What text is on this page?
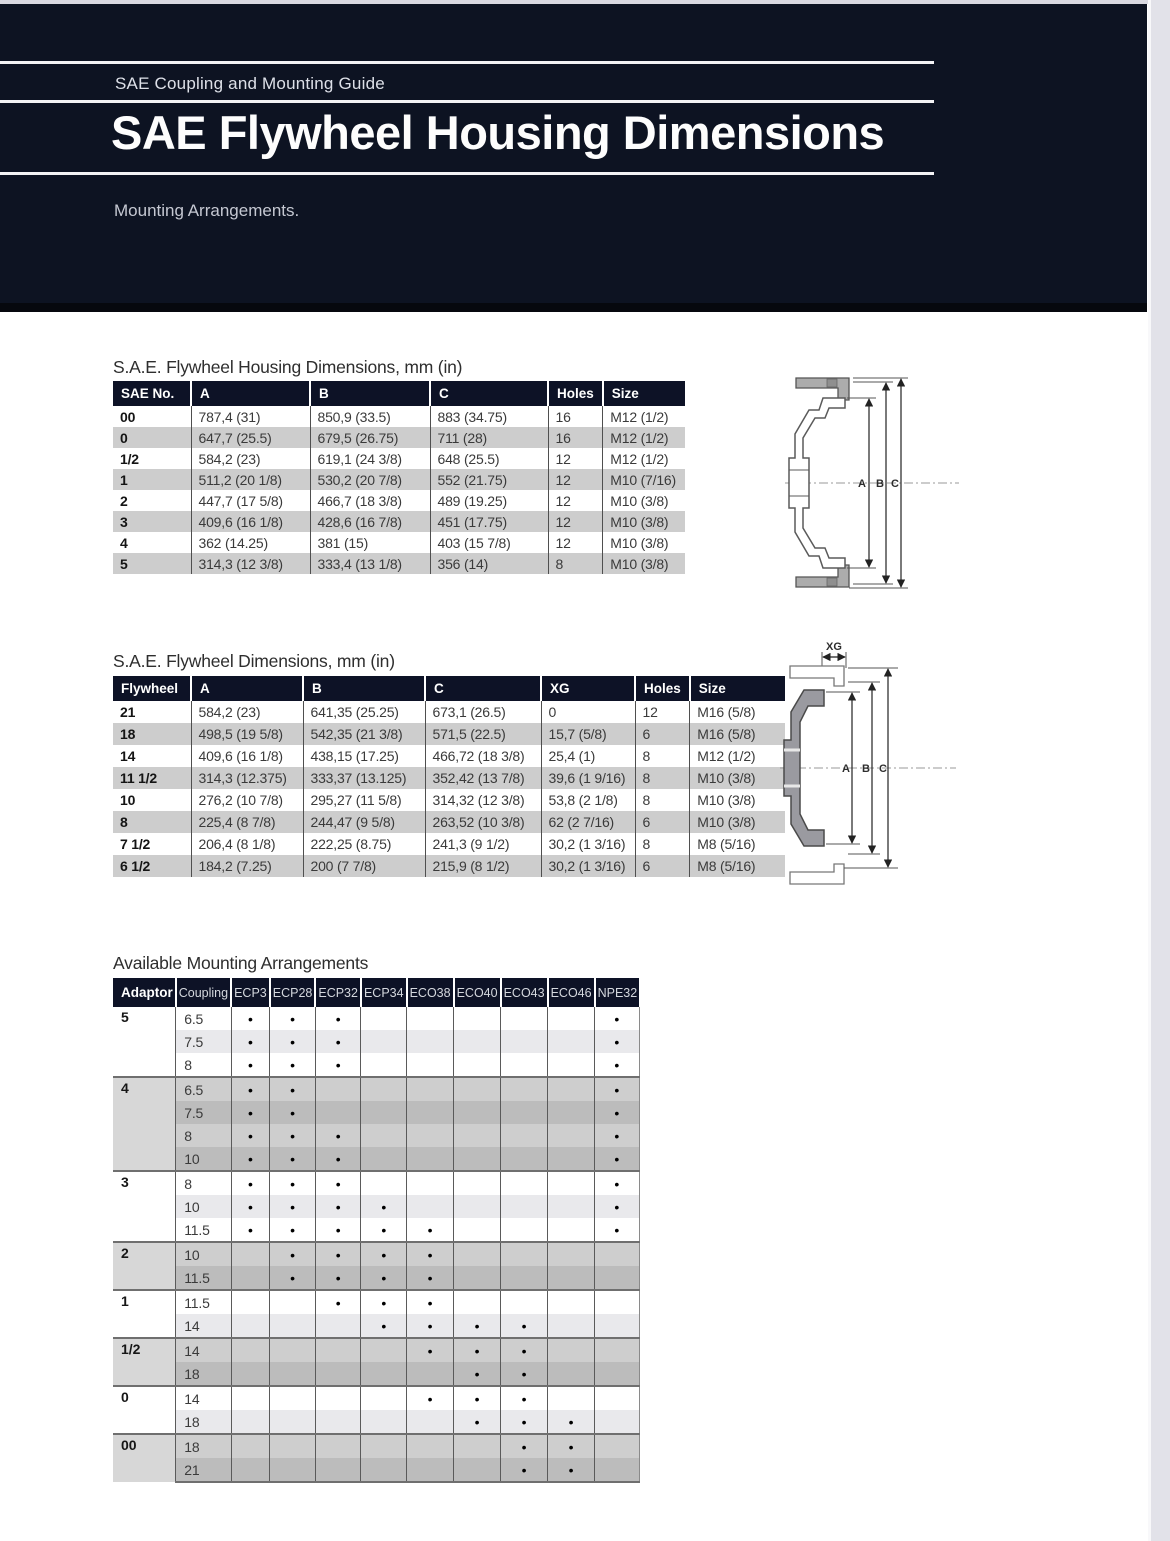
SAE Coupling and Mounting Guide
SAE Flywheel Housing Dimensions
Mounting Arrangements.
S.A.E. Flywheel Housing Dimensions, mm (in)
SAE No.	A	B	C	Holes	Size
00	787,4 (31)	850,9 (33.5)	883 (34.75)	16	M12 (1/2)
0	647,7 (25.5)	679,5 (26.75)	711 (28)	16	M12 (1/2)
1/2	584,2 (23)	619,1 (24 3/8)	648 (25.5)	12	M12 (1/2)
1	511,2 (20 1/8)	530,2 (20 7/8)	552 (21.75)	12	M10 (7/16)
2	447,7 (17 5/8)	466,7 (18 3/8)	489 (19.25)	12	M10 (3/8)
3	409,6 (16 1/8)	428,6 (16 7/8)	451 (17.75)	12	M10 (3/8)
4	362 (14.25)	381 (15)	403 (15 7/8)	12	M10 (3/8)
5	314,3 (12 3/8)	333,4 (13 1/8)	356 (14)	8	M10 (3/8)
A B C
S.A.E. Flywheel Dimensions, mm (in)
Flywheel	A	B	C	XG	Holes	Size
21	584,2 (23)	641,35 (25.25)	673,1 (26.5)	0	12	M16 (5/8)
18	498,5 (19 5/8)	542,35 (21 3/8)	571,5 (22.5)	15,7 (5/8)	6	M16 (5/8)
14	409,6 (16 1/8)	438,15 (17.25)	466,72 (18 3/8)	25,4 (1)	8	M12 (1/2)
11 1/2	314,3 (12.375)	333,37 (13.125)	352,42 (13 7/8)	39,6 (1 9/16)	8	M10 (3/8)
10	276,2 (10 7/8)	295,27 (11 5/8)	314,32 (12 3/8)	53,8 (2 1/8)	8	M10 (3/8)
8	225,4 (8 7/8)	244,47 (9 5/8)	263,52 (10 3/8)	62 (2 7/16)	6	M10 (3/8)
7 1/2	206,4 (8 1/8)	222,25 (8.75)	241,3 (9 1/2)	30,2 (1 3/16)	8	M8 (5/16)
6 1/2	184,2 (7.25)	200 (7 7/8)	215,9 (8 1/2)	30,2 (1 3/16)	6	M8 (5/16)
XG
A B C
Available Mounting Arrangements
Adaptor	Coupling	ECP3	ECP28	ECP32	ECP34	ECO38	ECO40	ECO43	ECO46	NPE32
5	6.5	•	•	•						•
	7.5	•	•	•						•
	8	•	•	•						•
4	6.5	•	•							•
	7.5	•	•							•
	8	•	•	•						•
	10	•	•	•						•
3	8	•	•	•						•
	10	•	•	•	•					•
	11.5	•	•	•	•	•				•
2	10		•	•	•	•				
	11.5		•	•	•	•				
1	11.5			•	•	•				
	14				•	•	•	•		
1/2	14					•	•	•		
	18						•	•		
0	14					•	•	•		
	18						•	•	•	
00	18							•	•	
	21							•	•	
